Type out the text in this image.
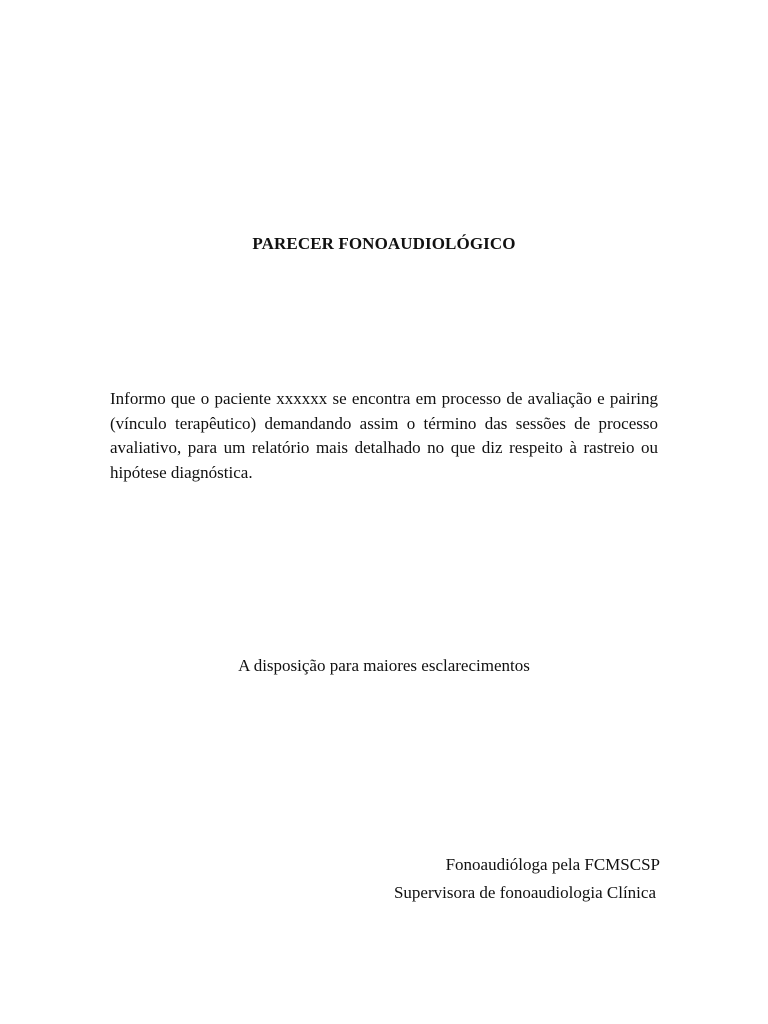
PARECER FONOAUDIOLÓGICO

Informo que o paciente xxxxxx se encontra em processo de avaliação e pairing (vínculo terapêutico) demandando assim o término das sessões de processo avaliativo, para um relatório mais detalhado no que diz respeito à rastreio ou hipótese diagnóstica.

A disposição para maiores esclarecimentos
Fonoaudióloga pela FCMSCSP
Supervisora de fonoaudiologia Clínica
